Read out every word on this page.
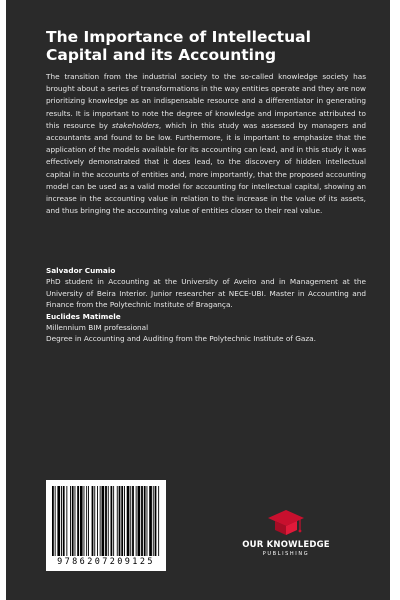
The Importance of Intellectual Capital and its Accounting

The transition from the industrial society to the so-called knowledge society has brought about a series of transformations in the way entities operate and they are now prioritizing knowledge as an indispensable resource and a differentiator in generating results. It is important to note the degree of knowledge and importance attributed to this resource by stakeholders, which in this study was assessed by managers and accountants and found to be low. Furthermore, it is important to emphasize that the application of the models available for its accounting can lead, and in this study it was effectively demonstrated that it does lead, to the discovery of hidden intellectual capital in the accounts of entities and, more importantly, that the proposed accounting model can be used as a valid model for accounting for intellectual capital, showing an increase in the accounting value in relation to the increase in the value of its assets, and thus bringing the accounting value of entities closer to their real value.

Salvador Cumaio
PhD student in Accounting at the University of Aveiro and in Management at the University of Beira Interior. Junior researcher at NECE-UBI. Master in Accounting and Finance from the Polytechnic Institute of Bragança.
Euclides Matimele
Millennium BIM professional
Degree in Accounting and Auditing from the Polytechnic Institute of Gaza.
9786207209125
OUR KNOWLEDGE
PUBLISHING
